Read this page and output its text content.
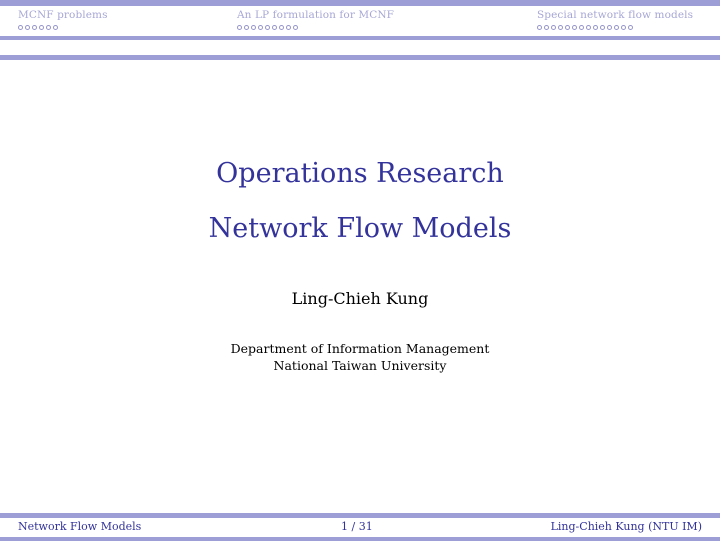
MCNF problems	An LP formulation for MCNF	Special network flow models
Operations Research
Network Flow Models
Ling-Chieh Kung
Department of Information Management
National Taiwan University
Network Flow Models	1 / 31	Ling-Chieh Kung (NTU IM)
